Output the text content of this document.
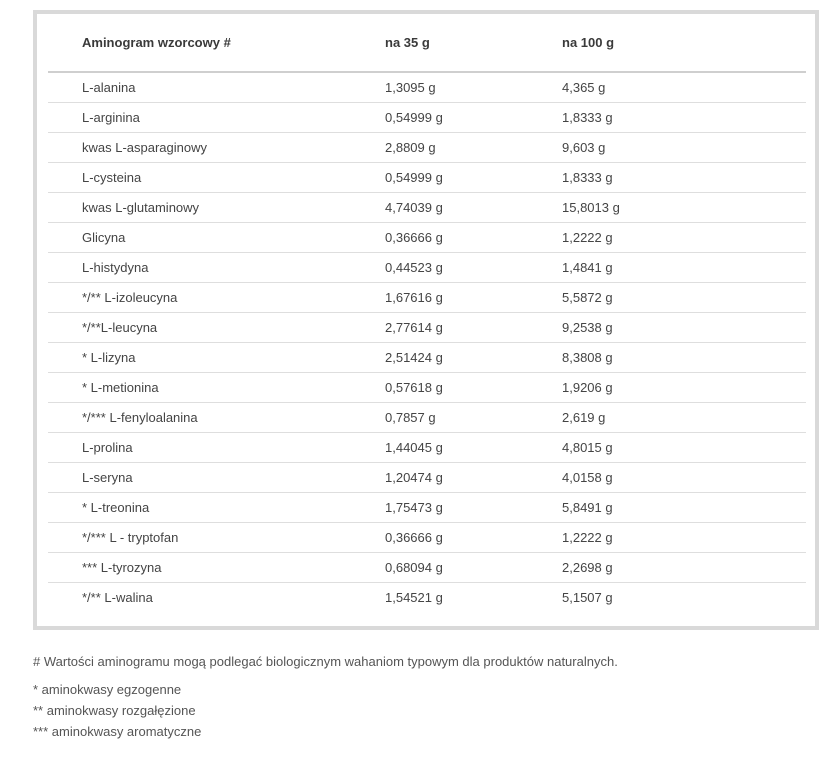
Aminogram wzorcowy #	na 35 g	na 100 g
L-alanina	1,3095 g	4,365 g
L-arginina	0,54999 g	1,8333 g
kwas L-asparaginowy	2,8809 g	9,603 g
L-cysteina	0,54999 g	1,8333 g
kwas L-glutaminowy	4,74039 g	15,8013 g
Glicyna	0,36666 g	1,2222 g
L-histydyna	0,44523 g	1,4841 g
*/** L-izoleucyna	1,67616 g	5,5872 g
*/**L-leucyna	2,77614 g	9,2538 g
* L-lizyna	2,51424 g	8,3808 g
* L-metionina	0,57618 g	1,9206 g
*/*** L-fenyloalanina	0,7857 g	2,619 g
L-prolina	1,44045 g	4,8015 g
L-seryna	1,20474 g	4,0158 g
* L-treonina	1,75473 g	5,8491 g
*/*** L - tryptofan	0,36666 g	1,2222 g
*** L-tyrozyna	0,68094 g	2,2698 g
*/** L-walina	1,54521 g	5,1507 g

# Wartości aminogramu mogą podlegać biologicznym wahaniom typowym dla produktów naturalnych.

* aminokwasy egzogenne

** aminokwasy rozgałęzione

*** aminokwasy aromatyczne
